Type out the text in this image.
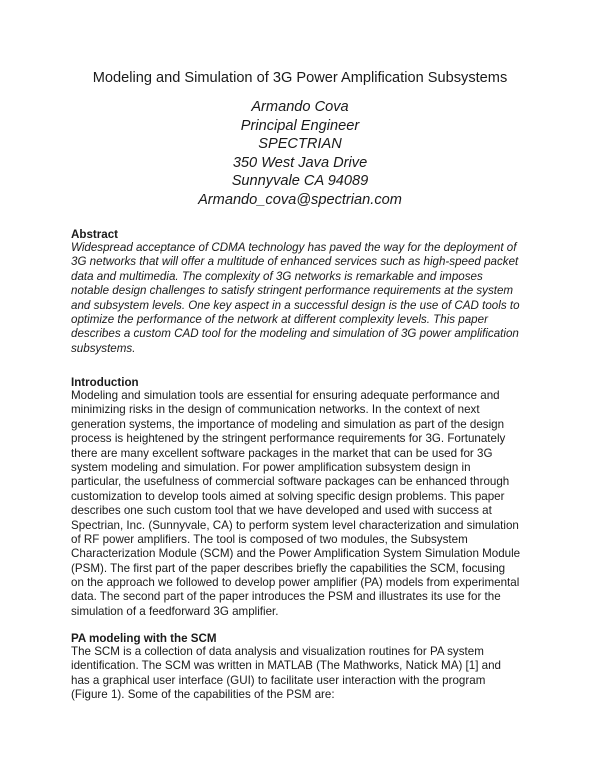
Modeling and Simulation of 3G Power Amplification Subsystems
Armando Cova
Principal Engineer
SPECTRIAN
350 West Java Drive
Sunnyvale CA 94089
Armando_cova@spectrian.com
Abstract
Widespread acceptance of CDMA technology has paved the way for the deployment of
3G networks that will offer a multitude of enhanced services such as high-speed packet
data and multimedia. The complexity of 3G networks is remarkable and imposes
notable design challenges to satisfy stringent performance requirements at the system
and subsystem levels. One key aspect in a successful design is the use of CAD tools to
optimize the performance of the network at different complexity levels. This paper
describes a custom CAD tool for the modeling and simulation of 3G power amplification
subsystems.
Introduction
Modeling and simulation tools are essential for ensuring adequate performance and
minimizing risks in the design of communication networks. In the context of next
generation systems, the importance of modeling and simulation as part of the design
process is heightened by the stringent performance requirements for 3G. Fortunately
there are many excellent software packages in the market that can be used for 3G
system modeling and simulation. For power amplification subsystem design in
particular, the usefulness of commercial software packages can be enhanced through
customization to develop tools aimed at solving specific design problems. This paper
describes one such custom tool that we have developed and used with success at
Spectrian, Inc. (Sunnyvale, CA) to perform system level characterization and simulation
of RF power amplifiers. The tool is composed of two modules, the Subsystem
Characterization Module (SCM) and the Power Amplification System Simulation Module
(PSM). The first part of the paper describes briefly the capabilities the SCM, focusing
on the approach we followed to develop power amplifier (PA) models from experimental
data. The second part of the paper introduces the PSM and illustrates its use for the
simulation of a feedforward 3G amplifier.
PA modeling with the SCM
The SCM is a collection of data analysis and visualization routines for PA system
identification. The SCM was written in MATLAB (The Mathworks, Natick MA) [1] and
has a graphical user interface (GUI) to facilitate user interaction with the program
(Figure 1). Some of the capabilities of the PSM are:
